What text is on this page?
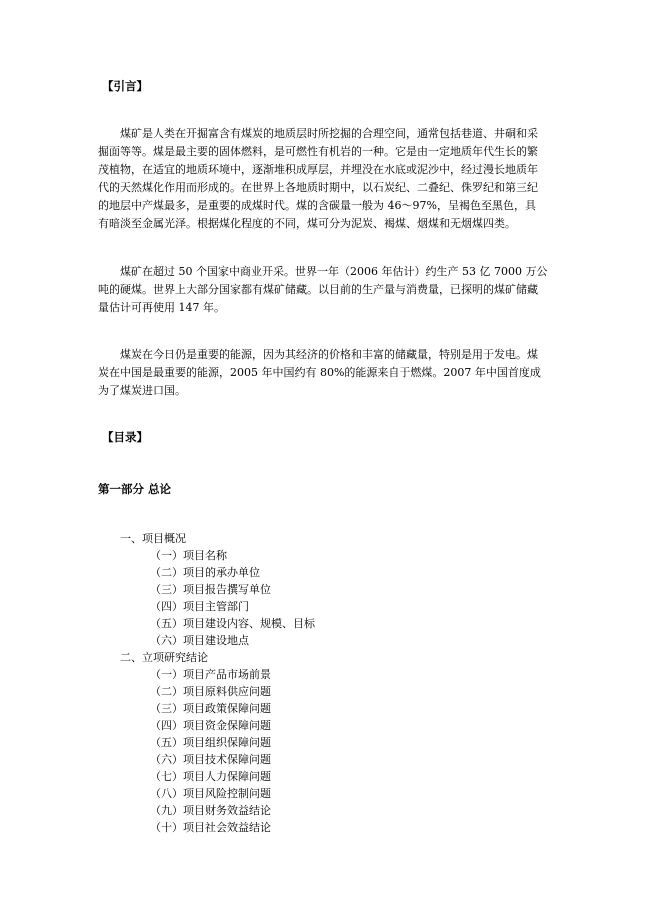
【引言】
煤矿是人类在开掘富含有煤炭的地质层时所挖掘的合理空间，通常包括巷道、井硐和采
掘面等等。煤是最主要的固体燃料，是可燃性有机岩的一种。它是由一定地质年代生长的繁
茂植物，在适宜的地质环境中，逐渐堆积成厚层，并埋没在水底或泥沙中，经过漫长地质年
代的天然煤化作用而形成的。在世界上各地质时期中，以石炭纪、二叠纪、侏罗纪和第三纪
的地层中产煤最多，是重要的成煤时代。煤的含碳量一般为 46～97%，呈褐色至黑色，具
有暗淡至金属光泽。根据煤化程度的不同，煤可分为泥炭、褐煤、烟煤和无烟煤四类。
煤矿在超过 50 个国家中商业开采。世界一年（2006 年估计）约生产 53 亿 7000 万公
吨的硬煤。世界上大部分国家都有煤矿储藏。以目前的生产量与消费量，已探明的煤矿储藏
量估计可再使用 147 年。
煤炭在今日仍是重要的能源，因为其经济的价格和丰富的储藏量，特别是用于发电。煤
炭在中国是最重要的能源，2005 年中国约有 80%的能源来自于燃煤。2007 年中国首度成
为了煤炭进口国。
【目录】
第一部分 总论
一、项目概况
（一）项目名称
（二）项目的承办单位
（三）项目报告撰写单位
（四）项目主管部门
（五）项目建设内容、规模、目标
（六）项目建设地点
二、立项研究结论
（一）项目产品市场前景
（二）项目原料供应问题
（三）项目政策保障问题
（四）项目资金保障问题
（五）项目组织保障问题
（六）项目技术保障问题
（七）项目人力保障问题
（八）项目风险控制问题
（九）项目财务效益结论
（十）项目社会效益结论
